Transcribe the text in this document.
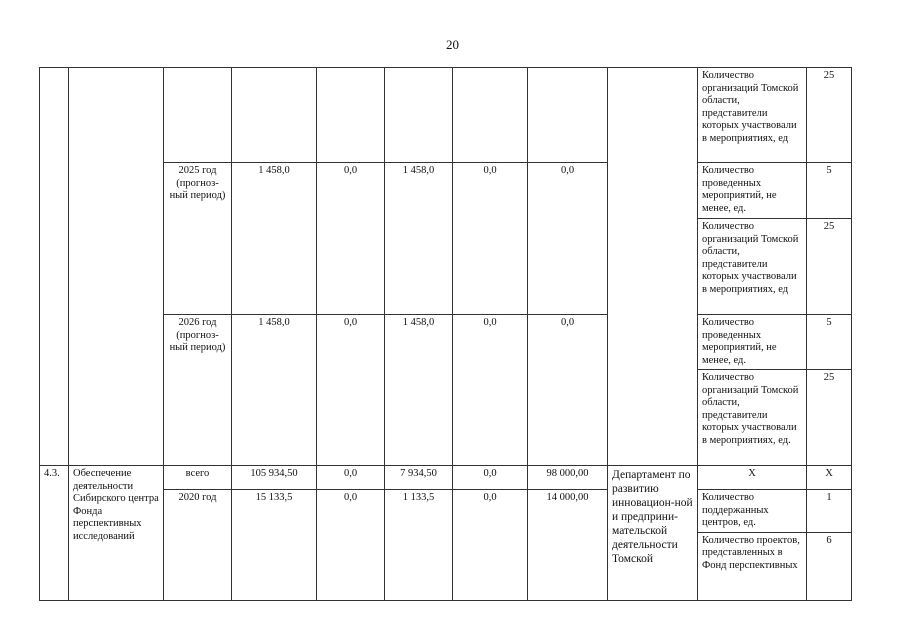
20
									Количество организаций Томской области, представители которых участвовали в мероприятиях, ед	25
		2025 год (прогноз-ный период)	1 458,0	0,0	1 458,0	0,0	0,0		Количество проведенных мероприятий, не менее, ед.	5
									Количество организаций Томской области, представители которых участвовали в мероприятиях, ед	25
		2026 год (прогноз-ный период)	1 458,0	0,0	1 458,0	0,0	0,0		Количество проведенных мероприятий, не менее, ед.	5
									Количество организаций Томской области, представители которых участвовали в мероприятиях, ед.	25
4.3.	Обеспечение деятельности Сибирского центра Фонда перспективных исследований	всего	105 934,50	0,0	7 934,50	0,0	98 000,00	Департамент по развитию инновацион-ной и предприни-мательской деятельности Томской	Х	Х
		2020 год	15 133,5	0,0	1 133,5	0,0	14 000,00		Количество поддержанных центров, ед.	1
									Количество проектов, представленных в Фонд перспективных	6
